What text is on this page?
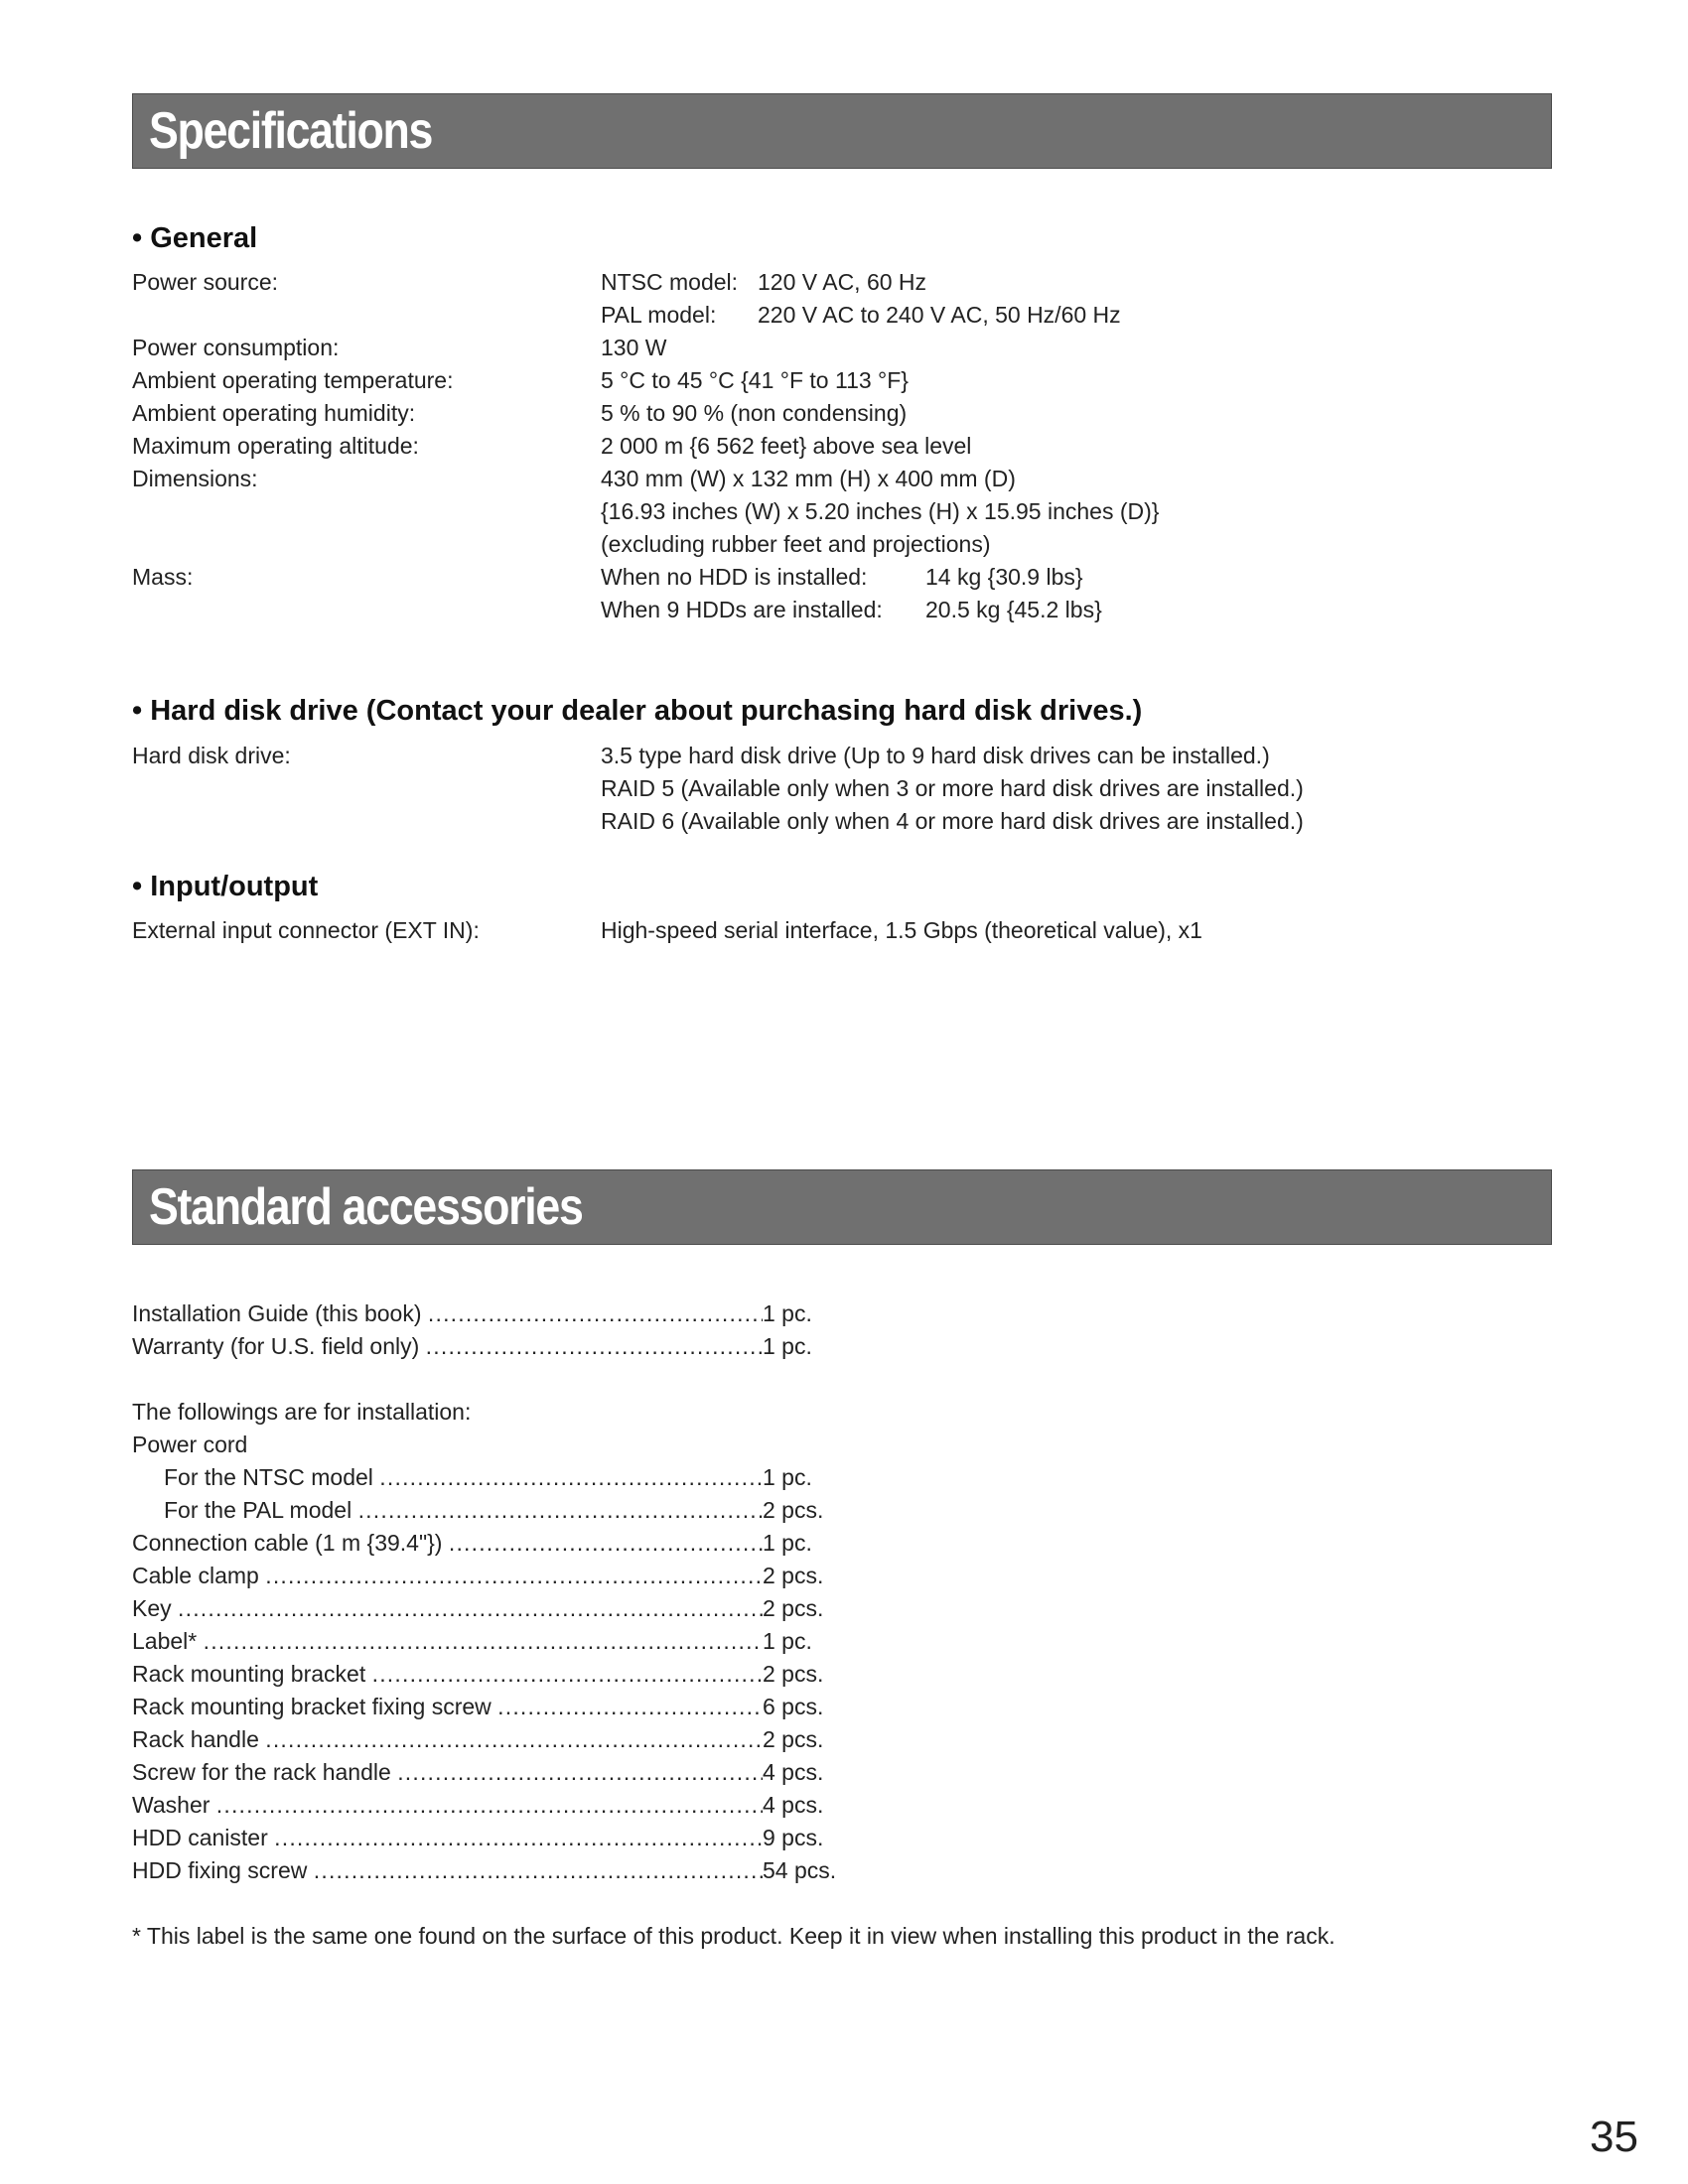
Specifications
• General
Power source:	NTSC model: 120 V AC, 60 Hz
PAL model: 220 V AC to 240 V AC, 50 Hz/60 Hz
Power consumption:	130 W
Ambient operating temperature:	5 °C to 45 °C {41 °F to 113 °F}
Ambient operating humidity:	5 % to 90 % (non condensing)
Maximum operating altitude:	2 000 m {6 562 feet} above sea level
Dimensions:	430 mm (W) x 132 mm (H) x 400 mm (D)
{16.93 inches (W) x 5.20 inches (H) x 15.95 inches (D)}
(excluding rubber feet and projections)
Mass:	When no HDD is installed:	14 kg {30.9 lbs}
When 9 HDDs are installed: 20.5 kg {45.2 lbs}
• Hard disk drive (Contact your dealer about purchasing hard disk drives.)
Hard disk drive:	3.5 type hard disk drive (Up to 9 hard disk drives can be installed.)
RAID 5 (Available only when 3 or more hard disk drives are installed.)
RAID 6 (Available only when 4 or more hard disk drives are installed.)
• Input/output
External input connector (EXT IN):	High-speed serial interface, 1.5 Gbps (theoretical value), x1
Standard accessories
Installation Guide (this book) .....	1 pc.
Warranty (for U.S. field only) .....	1 pc.
The followings are for installation:
Power cord
For the NTSC model .....	1 pc.
For the PAL model .....	2 pcs.
Connection cable (1 m {39.4"}) .....	1 pc.
Cable clamp .....	2 pcs.
Key .....	2 pcs.
Label* .....	1 pc.
Rack mounting bracket .....	2 pcs.
Rack mounting bracket fixing screw .....	6 pcs.
Rack handle .....	2 pcs.
Screw for the rack handle .....	4 pcs.
Washer .....	4 pcs.
HDD canister .....	9 pcs.
HDD fixing screw .....	54 pcs.
* This label is the same one found on the surface of this product. Keep it in view when installing this product in the rack.
35
